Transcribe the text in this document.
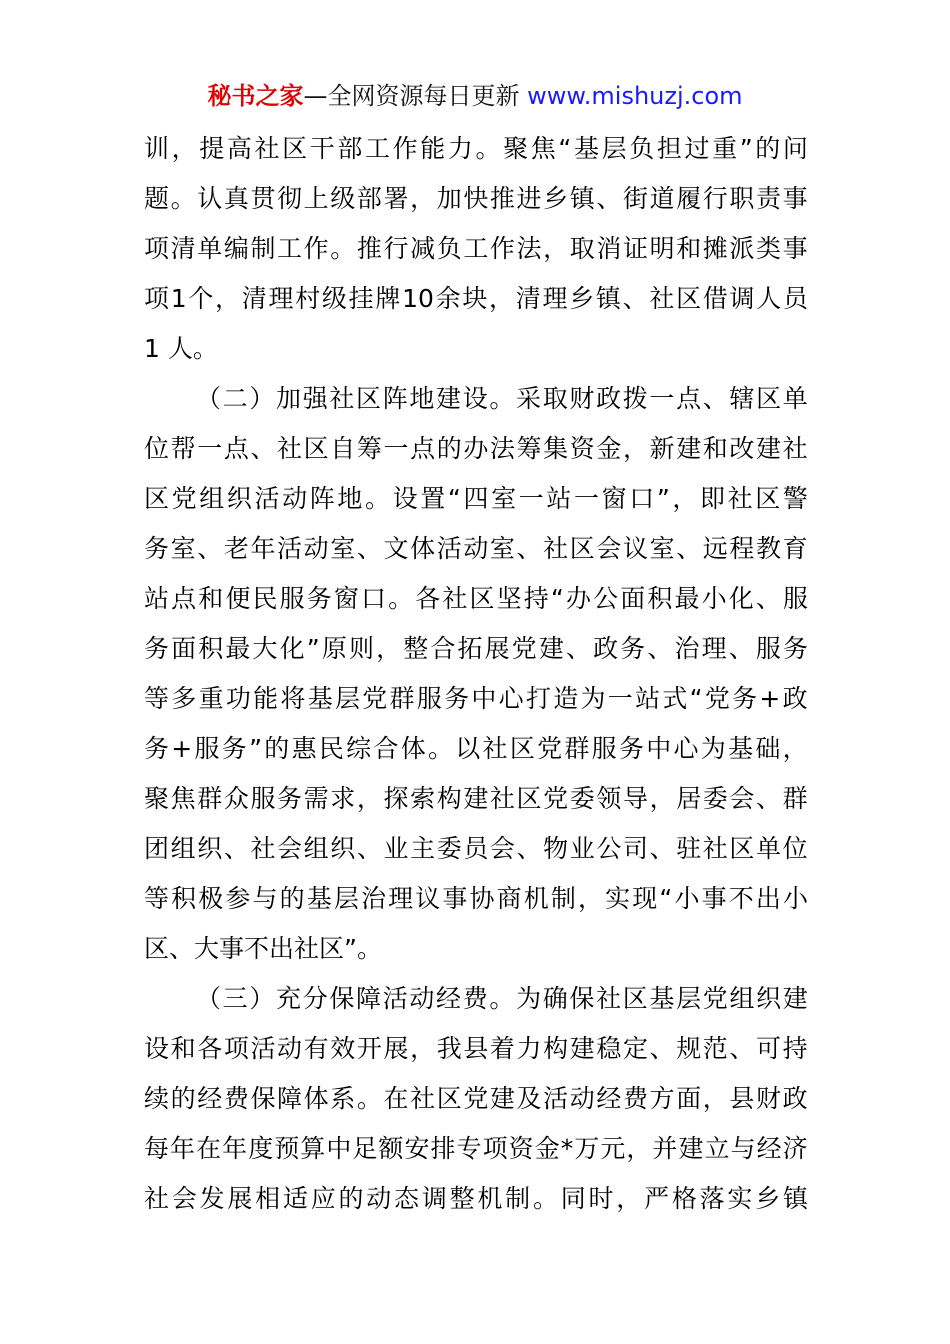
秘书之家—全网资源每日更新 www.mishuzj.com
训 ， 提 高 社 区 干 部 工 作 能 力 。 聚 焦 “ 基 层 负 担 过 重 ” 的 问
题 。 认 真 贯 彻 上 级 部 署 ， 加 快 推 进 乡 镇 、 街 道 履 行 职 责 事
项 清 单 编 制 工 作 。 推 行 减 负 工 作 法 ， 取 消 证 明 和 摊 派 类 事
项 1 个 ， 清 理 村 级 挂 牌 10 余 块 ， 清 理 乡 镇 、 社 区 借 调 人 员
1 人。
（ 二 ） 加 强 社 区 阵 地 建 设 。 采 取 财 政 拨 一 点 、 辖 区 单
位 帮 一 点 、 社 区 自 筹 一 点 的 办 法 筹 集 资 金 ， 新 建 和 改 建 社
区 党 组 织 活 动 阵 地 。 设 置 “ 四 室 一 站 一 窗 口 ” ， 即 社 区 警
务 室 、 老 年 活 动 室 、 文 体 活 动 室 、 社 区 会 议 室 、 远 程 教 育
站 点 和 便 民 服 务 窗 口 。 各 社 区 坚 持 “ 办 公 面 积 最 小 化 、 服
务 面 积 最 大 化 ” 原 则 ， 整 合 拓 展 党 建 、 政 务 、 治 理 、 服 务
等 多 重 功 能 将 基 层 党 群 服 务 中 心 打 造 为 一 站 式 “ 党 务 + 政
务 + 服 务 ” 的 惠 民 综 合 体 。 以 社 区 党 群 服 务 中 心 为 基 础 ，
聚 焦 群 众 服 务 需 求 ， 探 索 构 建 社 区 党 委 领 导 ， 居 委 会 、 群
团 组 织 、 社 会 组 织 、 业 主 委 员 会 、 物 业 公 司 、 驻 社 区 单 位
等 积 极 参 与 的 基 层 治 理 议 事 协 商 机 制 ， 实 现 “ 小 事 不 出 小
区、大事不出社区”。
（ 三 ） 充 分 保 障 活 动 经 费 。 为 确 保 社 区 基 层 党 组 织 建
设 和 各 项 活 动 有 效 开 展 ， 我 县 着 力 构 建 稳 定 、 规 范 、 可 持
续 的 经 费 保 障 体 系 。 在 社 区 党 建 及 活 动 经 费 方 面 ， 县 财 政
每 年 在 年 度 预 算 中 足 额 安 排 专 项 资 金 * 万 元 ， 并 建 立 与 经 济
社 会 发 展 相 适 应 的 动 态 调 整 机 制 。 同 时 ， 严 格 落 实 乡 镇
